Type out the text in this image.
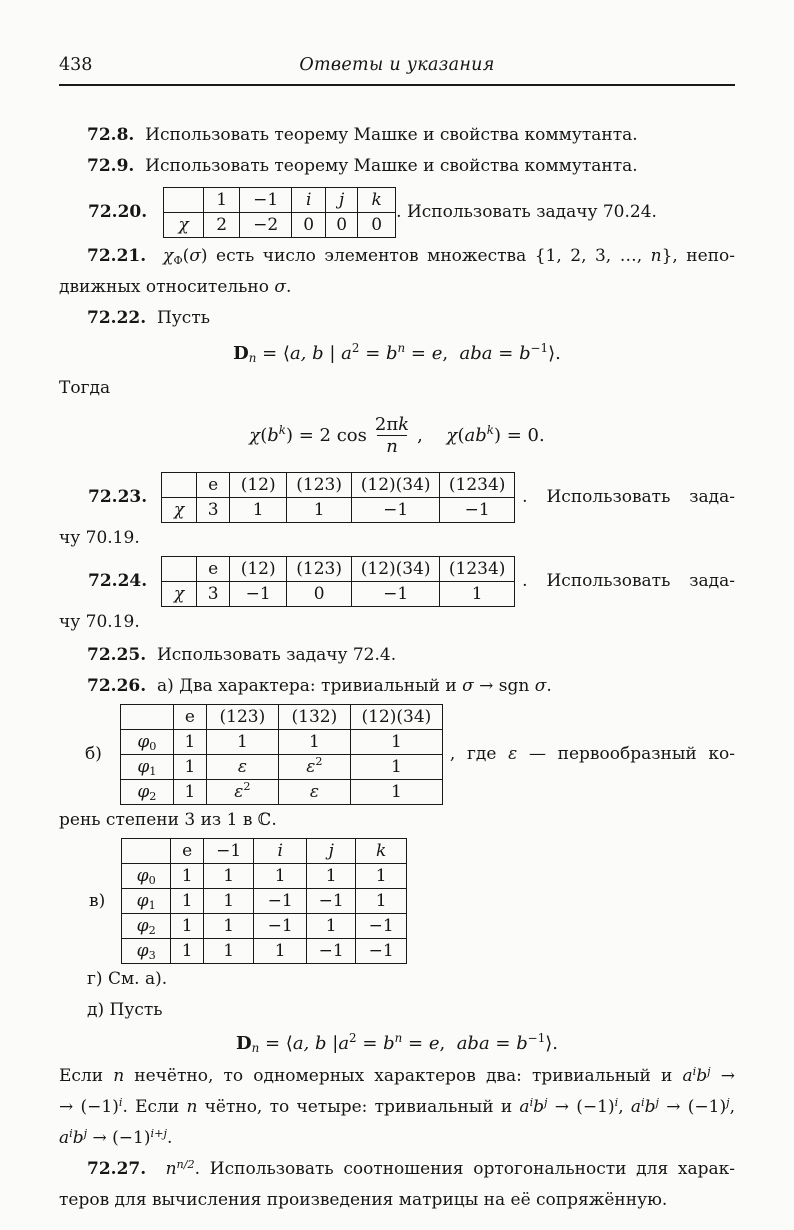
438	Ответы и указания
72.8.  Использовать теорему Машке и свойства коммутанта.
72.9.  Использовать теорему Машке и свойства коммутанта.
72.20.
	1	−1	i	j	k
χ	2	−2	0	0	0
. Использовать задачу 70.24.
72.21. $\chi_\Phi(\sigma)$ есть число элементов множества {1, 2, 3, …, n}, непо-
движных относительно σ.
72.22.  Пусть
$D_n$ = ⟨a, b | $a^2 = b^n = e$,  aba = $b^{-1}⟩$.
Тогда
$\chi(b^k) = 2$ $\cos \frac{2\pi k}{n}$ ,  $\chi(ab^k) = 0$.
72.23.
	e	(12)	(123)	(12)(34)	(1234)
χ	3	1	1	−1	−1
. Использовать зада-
чу 70.19.
72.24.
	e	(12)	(123)	(12)(34)	(1234)
χ	3	−1	0	−1	1
. Использовать зада-
чу 70.19.
72.25.  Использовать задачу 72.4.
72.26.  а) Два характера: тривиальный и σ → sgn σ.
б)
	e	(123)	(132)	(12)(34)
$\varphi_0$	1	1	1	1
$\varphi_1$	1	ε	$\varepsilon^2$	1
$\varphi_2$	1	$\varepsilon^2$	ε	1
, где ε — первообразный ко-
рень степени 3 из 1 в ℂ.
в)
	e	−1	i	j	k
$\varphi_0$	1	1	1	1	1
$\varphi_1$	1	1	−1	−1	1
$\varphi_2$	1	1	−1	1	−1
$\varphi_3$	1	1	1	−1	−1
г) См. а).
д) Пусть
$D_n$ = ⟨a, b $|a^2 = b^n = e$,  aba = $b^{-1}⟩$.
Если n нечётно, то одномерных характеров два: тривиальный и $a^ib^j$ →
→ $(-1)^i$. Если n чётно, то четыре: тривиальный и $a^ib^j \to (-1)^i$, $a^ib^j \to (-1)^j$,
$a^ib^j \to (-1)^{i+j}$.
72.27. $n^{n/2}$. Использовать соотношения ортогональности для харак-
теров для вычисления произведения матрицы на её сопряжённую.
